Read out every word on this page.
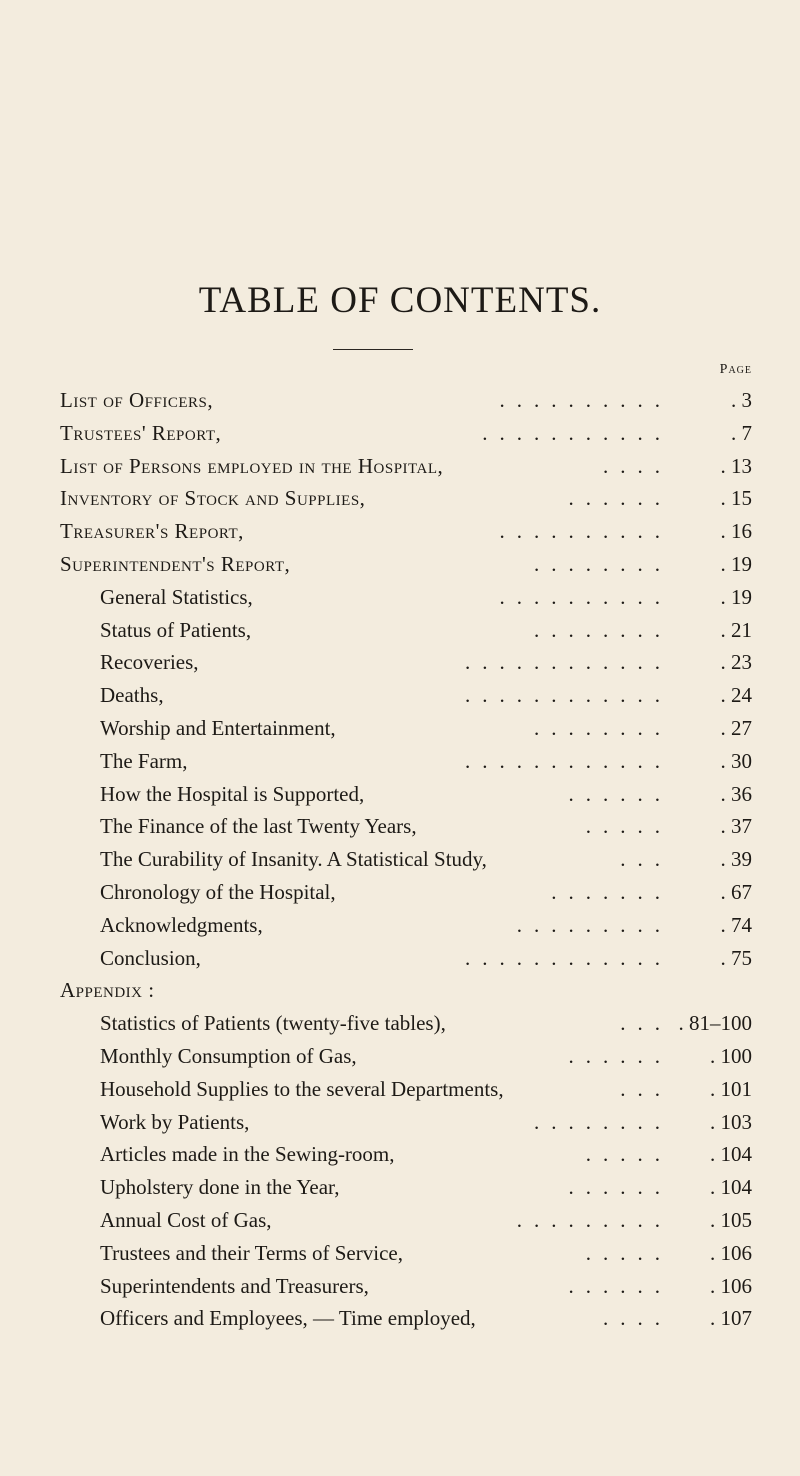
TABLE OF CONTENTS.
Page
List of Officers,	..........	. 3
Trustees' Report,	...........	. 7
List of Persons employed in the Hospital,	.... . 13
Inventory of Stock and Supplies,	...... . 15
Treasurer's Report,	.......... . 16
Superintendent's Report,	........ . 19
General Statistics,	.......... . 19
Status of Patients,	........ . 21
Recoveries,	............ . 23
Deaths,	............ . 24
Worship and Entertainment,	........ . 27
The Farm,	............ . 30
How the Hospital is Supported,	...... . 36
The Finance of the last Twenty Years,	..... . 37
The Curability of Insanity. A Statistical Study,	... . 39
Chronology of the Hospital,	....... . 67
Acknowledgments,	......... . 74
Conclusion,	............ . 75
Appendix :
Statistics of Patients (twenty-five tables),	... . 81–100
Monthly Consumption of Gas,	...... . 100
Household Supplies to the several Departments,	... . 101
Work by Patients,	........ . 103
Articles made in the Sewing-room,	..... . 104
Upholstery done in the Year,	...... . 104
Annual Cost of Gas,	......... . 105
Trustees and their Terms of Service,	..... . 106
Superintendents and Treasurers,	...... . 106
Officers and Employees, — Time employed,	.... . 107
